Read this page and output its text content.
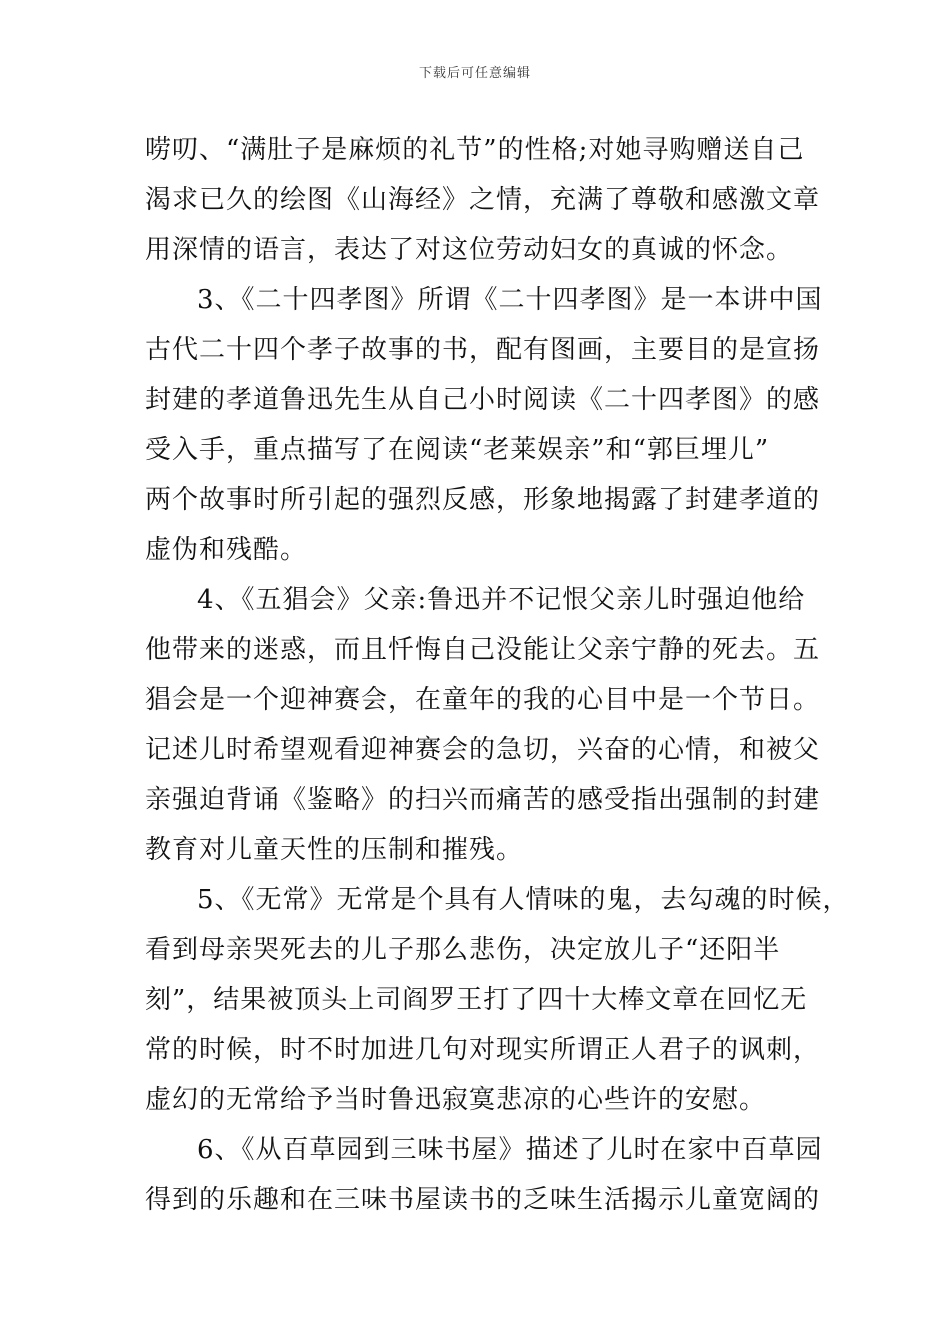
下载后可任意编辑
唠叨、“满肚子是麻烦的礼节”的性格;对她寻购赠送自己
渴求已久的绘图《山海经》之情，充满了尊敬和感激文章
用深情的语言，表达了对这位劳动妇女的真诚的怀念。
3、《二十四孝图》所谓《二十四孝图》是一本讲中国
古代二十四个孝子故事的书，配有图画，主要目的是宣扬
封建的孝道鲁迅先生从自己小时阅读《二十四孝图》的感
受入手，重点描写了在阅读“老莱娱亲”和“郭巨埋儿”
两个故事时所引起的强烈反感，形象地揭露了封建孝道的
虚伪和残酷。
4、《五猖会》父亲:鲁迅并不记恨父亲儿时强迫他给
他带来的迷惑，而且忏悔自己没能让父亲宁静的死去。五
猖会是一个迎神赛会，在童年的我的心目中是一个节日。
记述儿时希望观看迎神赛会的急切，兴奋的心情，和被父
亲强迫背诵《鉴略》的扫兴而痛苦的感受指出强制的封建
教育对儿童天性的压制和摧残。
5、《无常》无常是个具有人情味的鬼，去勾魂的时候，
看到母亲哭死去的儿子那么悲伤，决定放儿子“还阳半
刻”，结果被顶头上司阎罗王打了四十大棒文章在回忆无
常的时候，时不时加进几句对现实所谓正人君子的讽刺，
虚幻的无常给予当时鲁迅寂寞悲凉的心些许的安慰。
6、《从百草园到三味书屋》描述了儿时在家中百草园
得到的乐趣和在三味书屋读书的乏味生活揭示儿童宽阔的
